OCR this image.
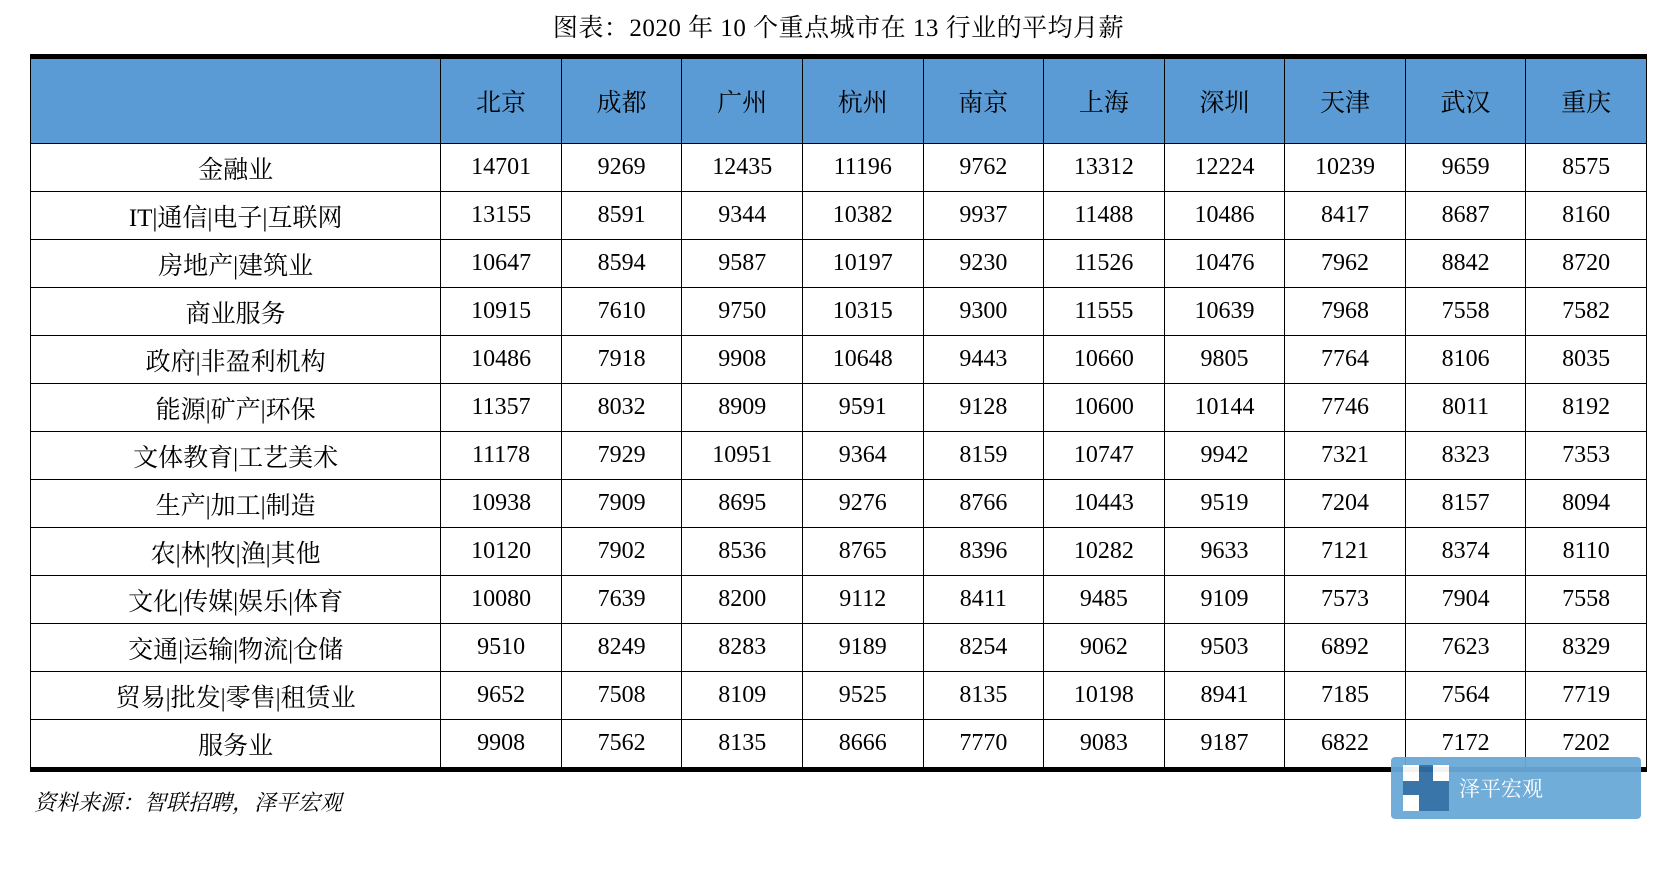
图表：2020 年 10 个重点城市在 13 行业的平均月薪
	北京	成都	广州	杭州	南京	上海	深圳	天津	武汉	重庆
金融业	14701	9269	12435	11196	9762	13312	12224	10239	9659	8575
IT|通信|电子|互联网	13155	8591	9344	10382	9937	11488	10486	8417	8687	8160
房地产|建筑业	10647	8594	9587	10197	9230	11526	10476	7962	8842	8720
商业服务	10915	7610	9750	10315	9300	11555	10639	7968	7558	7582
政府|非盈利机构	10486	7918	9908	10648	9443	10660	9805	7764	8106	8035
能源|矿产|环保	11357	8032	8909	9591	9128	10600	10144	7746	8011	8192
文体教育|工艺美术	11178	7929	10951	9364	8159	10747	9942	7321	8323	7353
生产|加工|制造	10938	7909	8695	9276	8766	10443	9519	7204	8157	8094
农|林|牧|渔|其他	10120	7902	8536	8765	8396	10282	9633	7121	8374	8110
文化|传媒|娱乐|体育	10080	7639	8200	9112	8411	9485	9109	7573	7904	7558
交通|运输|物流|仓储	9510	8249	8283	9189	8254	9062	9503	6892	7623	8329
贸易|批发|零售|租赁业	9652	7508	8109	9525	8135	10198	8941	7185	7564	7719
服务业	9908	7562	8135	8666	7770	9083	9187	6822	7172	7202
资料来源：智联招聘，泽平宏观
泽平宏观
